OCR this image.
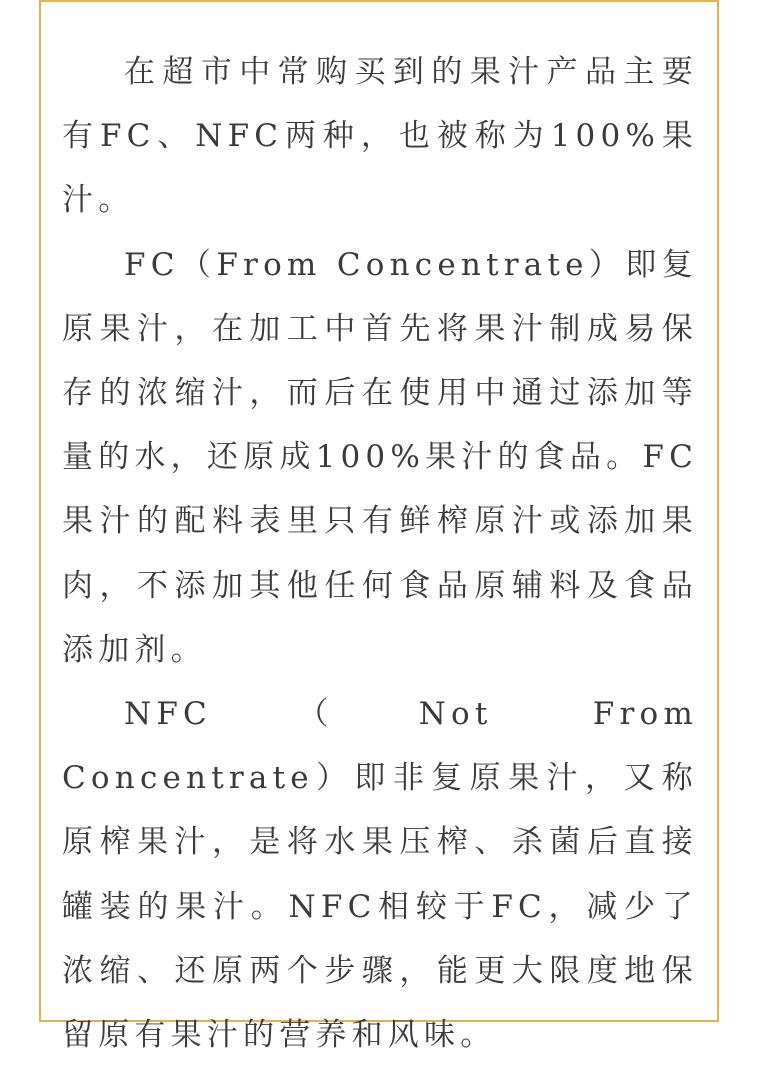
在超市中常购买到的果汁产品主要有FC、NFC两种，也被称为100%果汁。

FC（From Concentrate）即复原果汁，在加工中首先将果汁制成易保存的浓缩汁，而后在使用中通过添加等量的水，还原成100%果汁的食品。FC果汁的配料表里只有鲜榨原汁或添加果肉，不添加其他任何食品原辅料及食品添加剂。

NFC（Not From Concentrate）即非复原果汁，又称原榨果汁，是将水果压榨、杀菌后直接罐装的果汁。NFC相较于FC，减少了浓缩、还原两个步骤，能更大限度地保留原有果汁的营养和风味。
